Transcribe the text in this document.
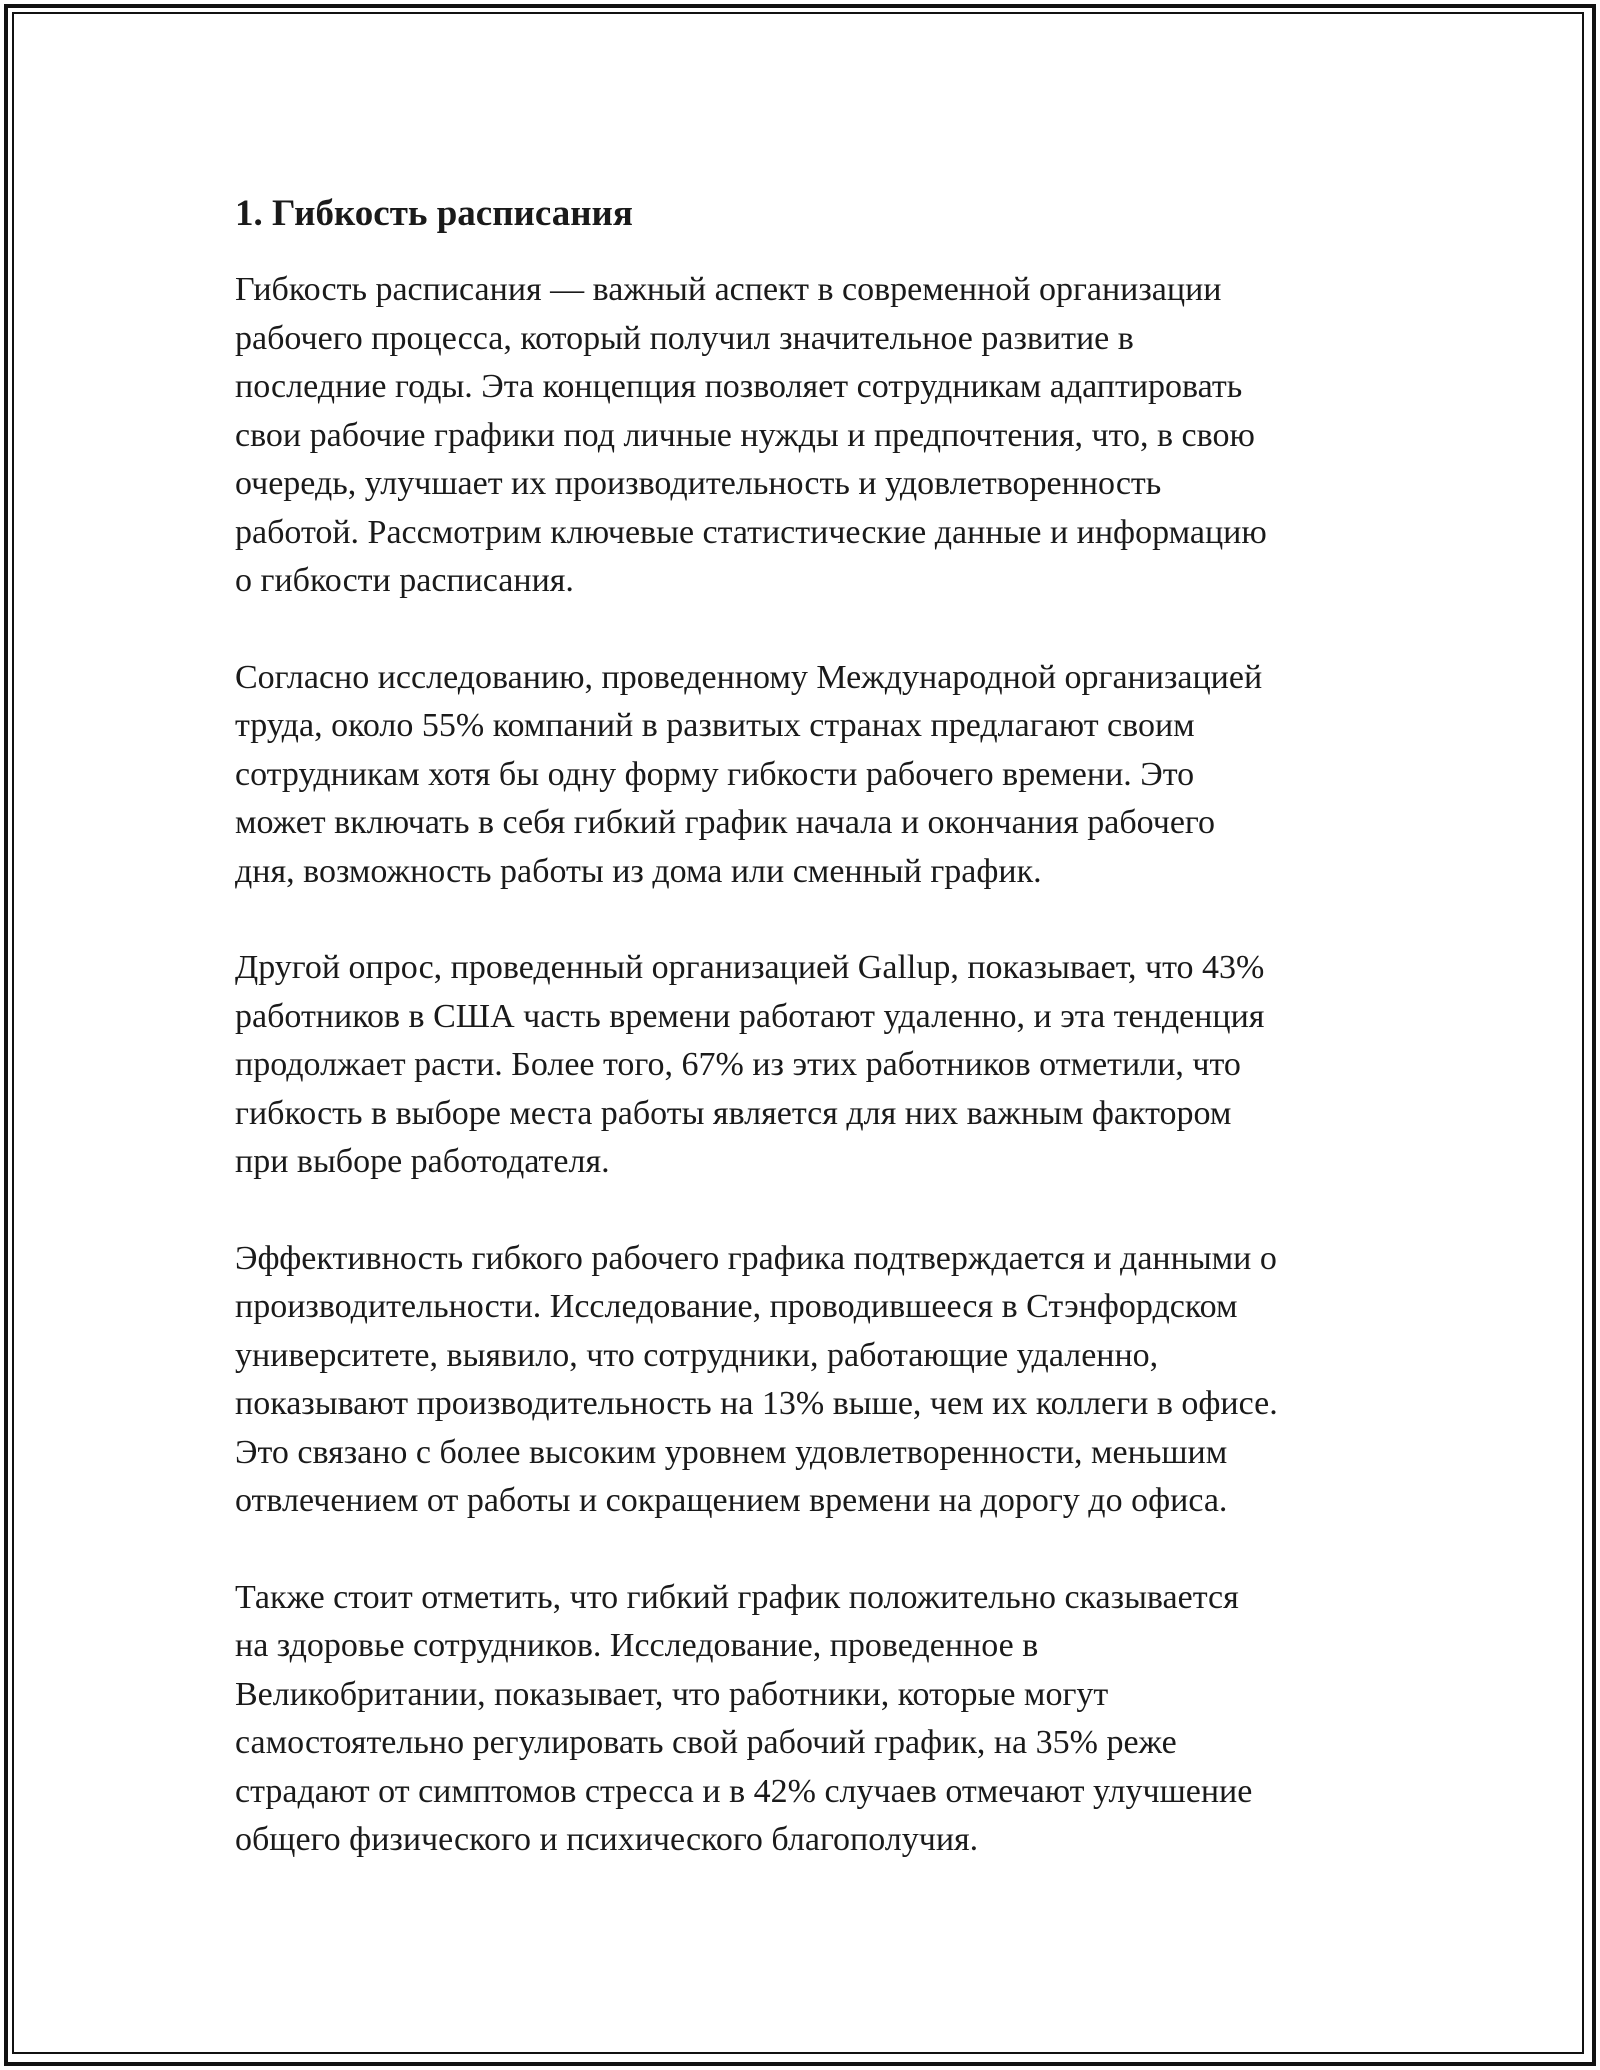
1. Гибкость расписания

Гибкость расписания — важный аспект в современной организации
рабочего процесса, который получил значительное развитие в
последние годы. Эта концепция позволяет сотрудникам адаптировать
свои рабочие графики под личные нужды и предпочтения, что, в свою
очередь, улучшает их производительность и удовлетворенность
работой. Рассмотрим ключевые статистические данные и информацию
о гибкости расписания.

Согласно исследованию, проведенному Международной организацией
труда, около 55% компаний в развитых странах предлагают своим
сотрудникам хотя бы одну форму гибкости рабочего времени. Это
может включать в себя гибкий график начала и окончания рабочего
дня, возможность работы из дома или сменный график.

Другой опрос, проведенный организацией Gallup, показывает, что 43%
работников в США часть времени работают удаленно, и эта тенденция
продолжает расти. Более того, 67% из этих работников отметили, что
гибкость в выборе места работы является для них важным фактором
при выборе работодателя.

Эффективность гибкого рабочего графика подтверждается и данными о
производительности. Исследование, проводившееся в Стэнфордском
университете, выявило, что сотрудники, работающие удаленно,
показывают производительность на 13% выше, чем их коллеги в офисе.
Это связано с более высоким уровнем удовлетворенности, меньшим
отвлечением от работы и сокращением времени на дорогу до офиса.

Также стоит отметить, что гибкий график положительно сказывается
на здоровье сотрудников. Исследование, проведенное в
Великобритании, показывает, что работники, которые могут
самостоятельно регулировать свой рабочий график, на 35% реже
страдают от симптомов стресса и в 42% случаев отмечают улучшение
общего физического и психического благополучия.
